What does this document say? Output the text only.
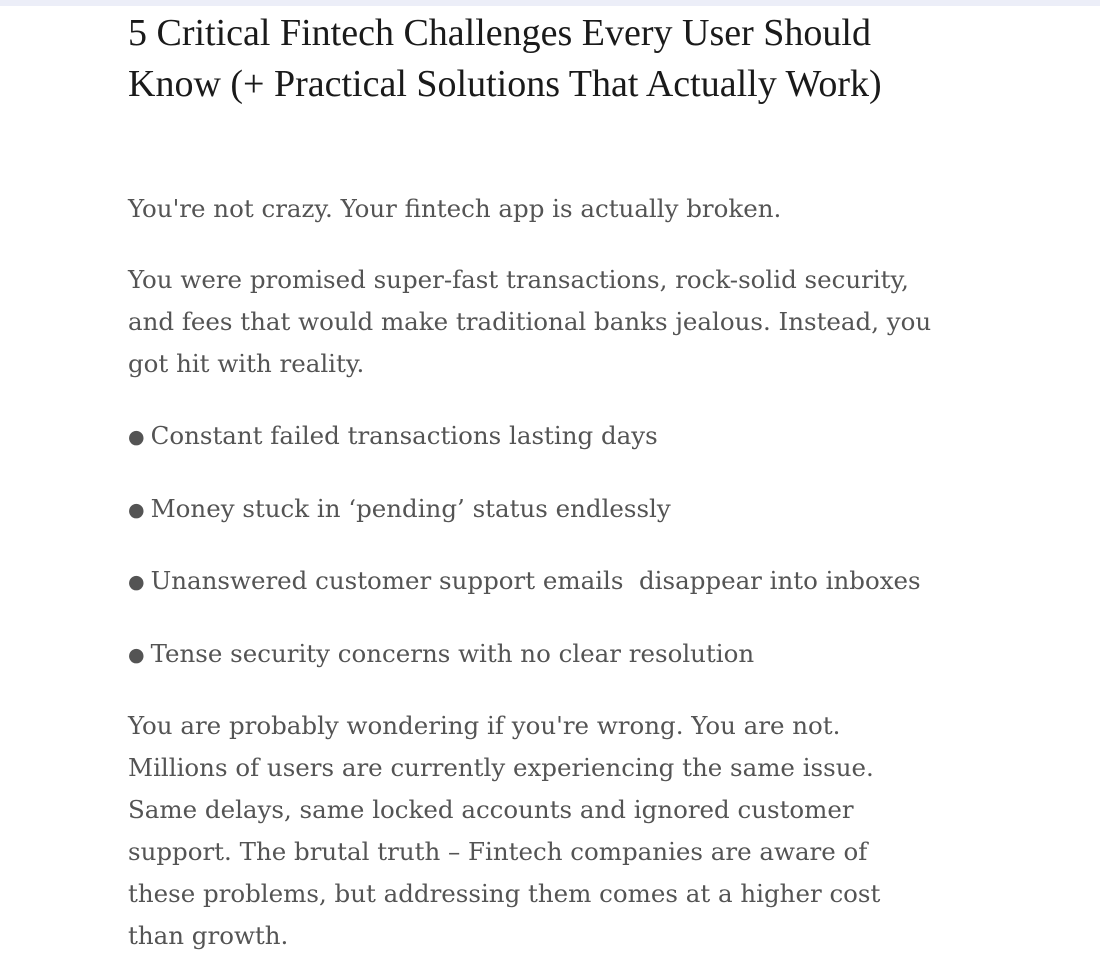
5 Critical Fintech Challenges Every User Should
Know (+ Practical Solutions That Actually Work)

You're not crazy. Your fintech app is actually broken.

You were promised super-fast transactions, rock-solid security,
and fees that would make traditional banks jealous. Instead, you
got hit with reality.

● Constant failed transactions lasting days
● Money stuck in ‘pending’ status endlessly
● Unanswered customer support emails  disappear into inboxes
● Tense security concerns with no clear resolution

You are probably wondering if you're wrong. You are not.
Millions of users are currently experiencing the same issue.
Same delays, same locked accounts and ignored customer
support. The brutal truth – Fintech companies are aware of
these problems, but addressing them comes at a higher cost
than growth.
